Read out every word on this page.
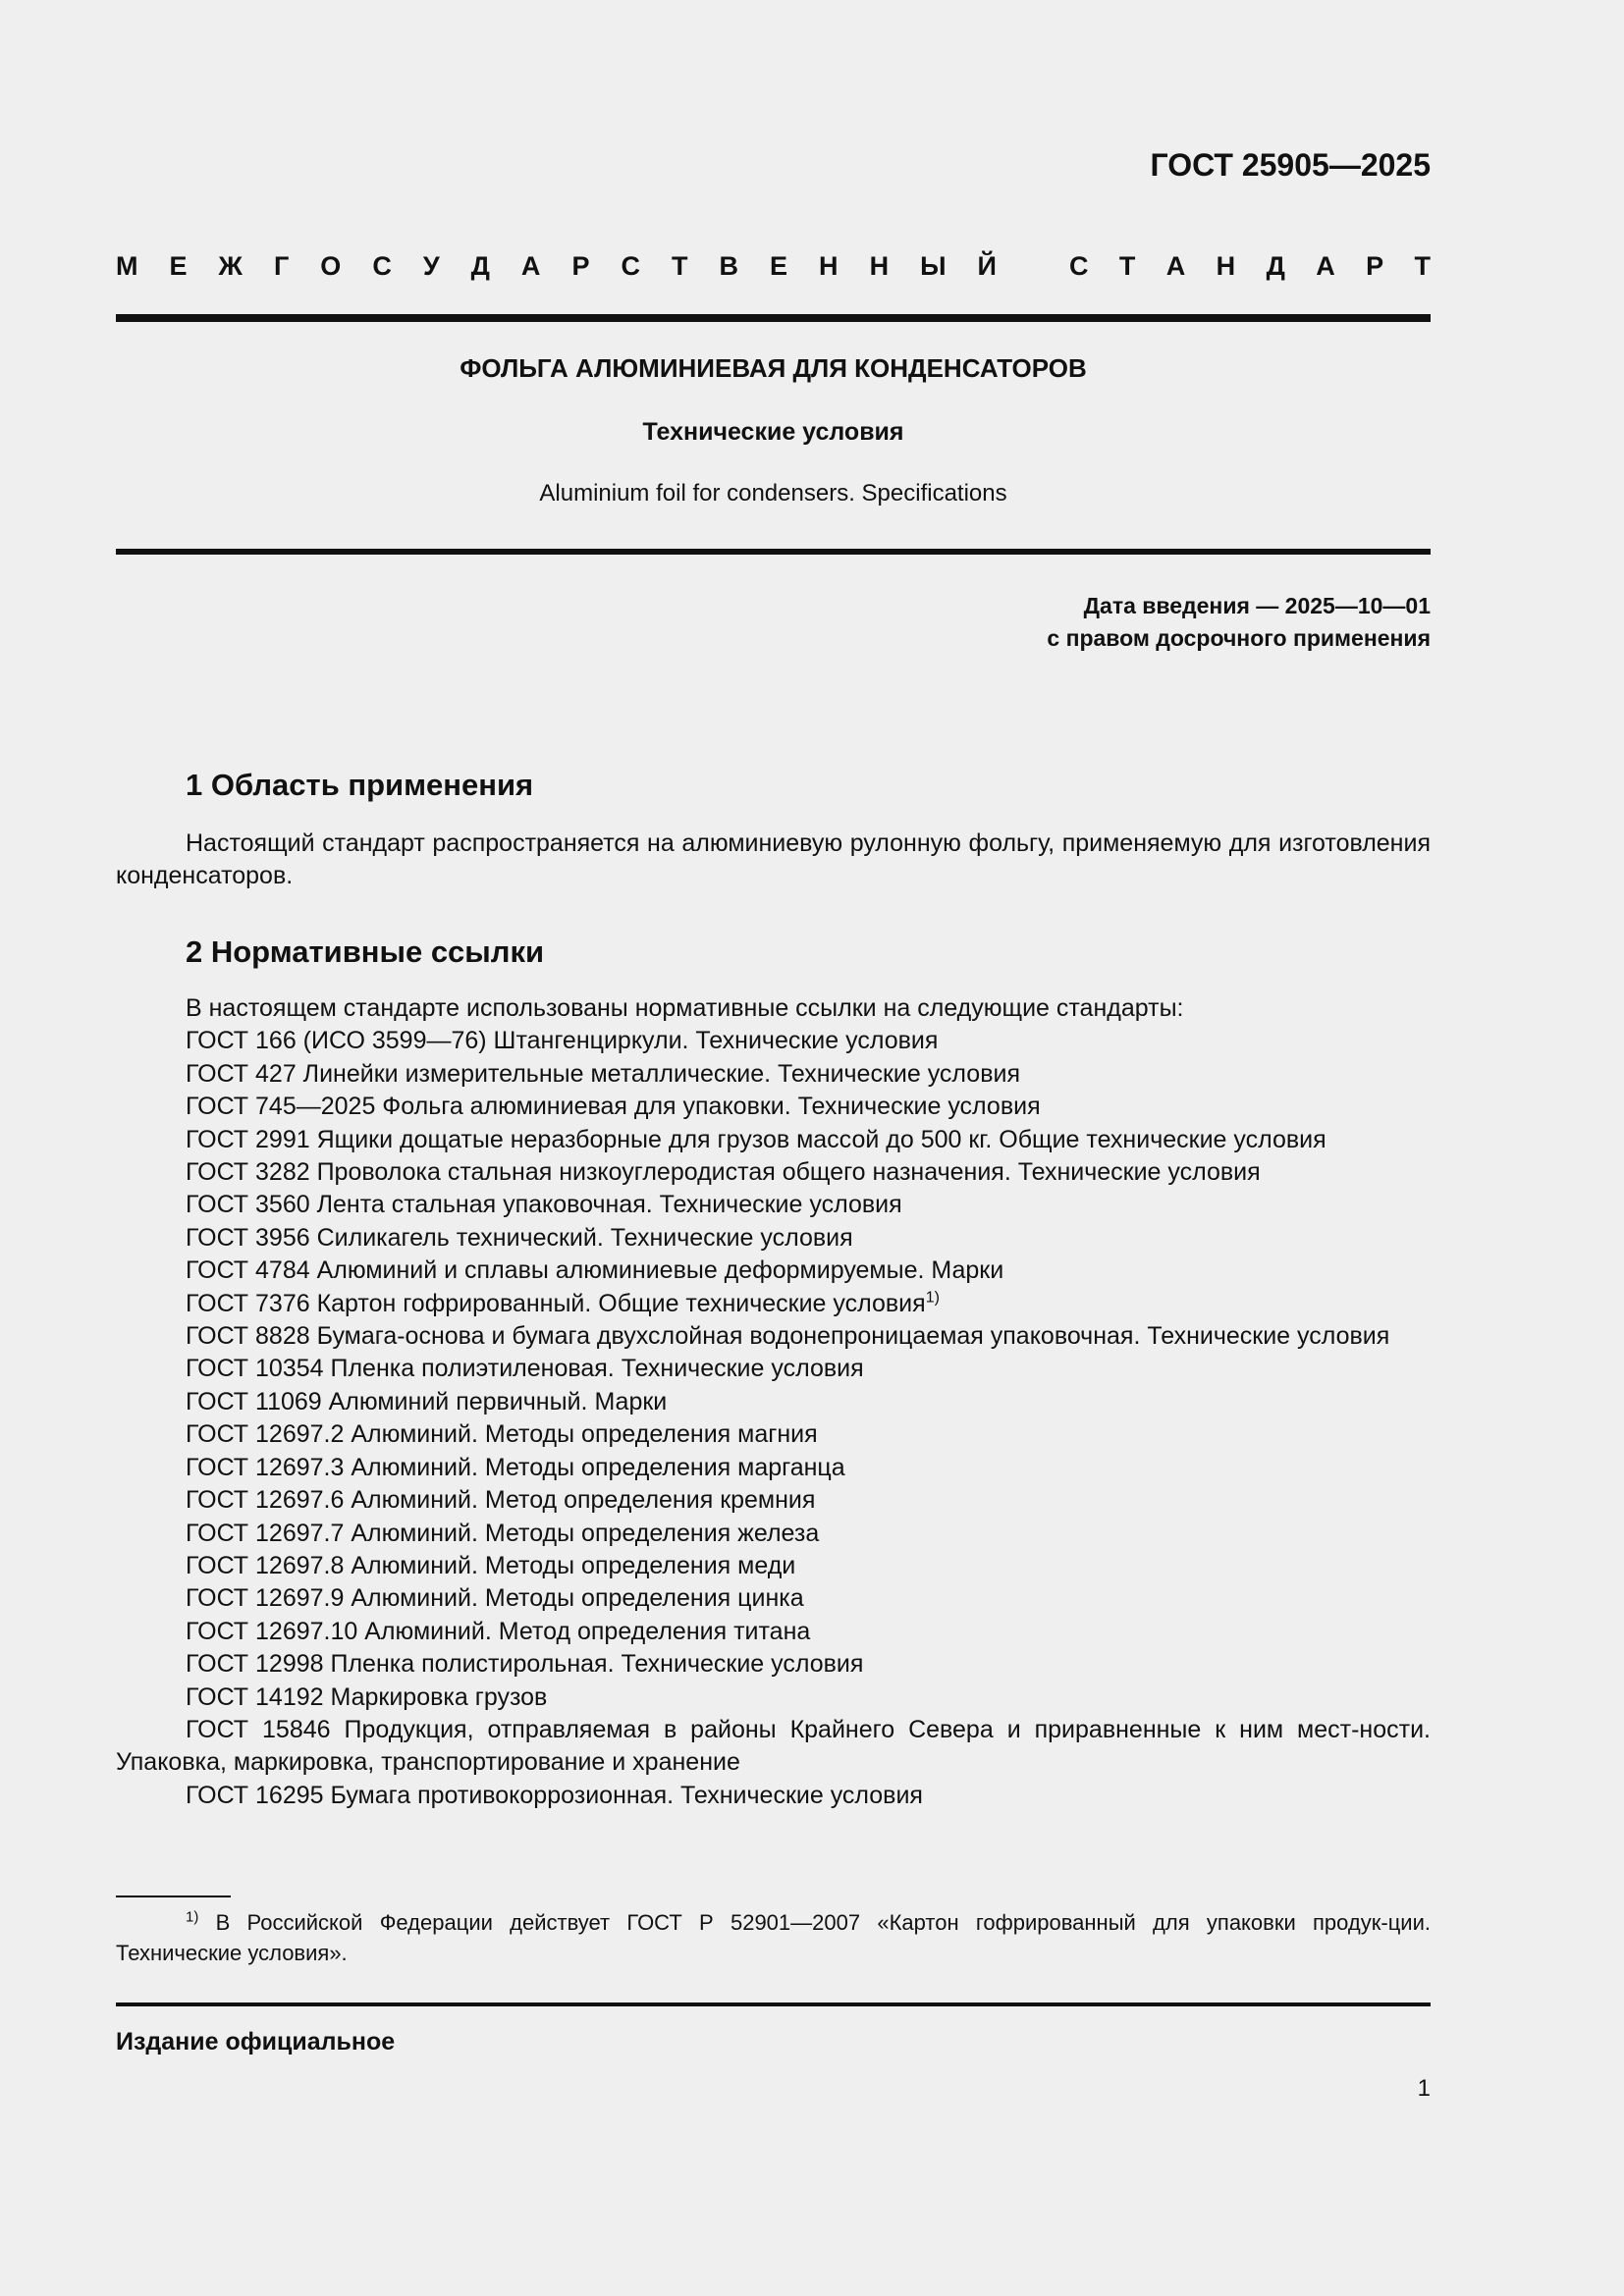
ГОСТ 25905—2025
М Е Ж Г О С У Д А Р С Т В Е Н Н Ы Й	С Т А Н Д А Р Т
ФОЛЬГА АЛЮМИНИЕВАЯ ДЛЯ КОНДЕНСАТОРОВ
Технические условия
Aluminium foil for condensers. Specifications
Дата введения — 2025—10—01
с правом досрочного применения
1 Область применения
Настоящий стандарт распространяется на алюминиевую рулонную фольгу, применяемую для изготовления конденсаторов.
2 Нормативные ссылки
В настоящем стандарте использованы нормативные ссылки на следующие стандарты:
ГОСТ 166 (ИСО 3599—76) Штангенциркули. Технические условия
ГОСТ 427 Линейки измерительные металлические. Технические условия
ГОСТ 745—2025 Фольга алюминиевая для упаковки. Технические условия
ГОСТ 2991 Ящики дощатые неразборные для грузов массой до 500 кг. Общие технические условия
ГОСТ 3282 Проволока стальная низкоуглеродистая общего назначения. Технические условия
ГОСТ 3560 Лента стальная упаковочная. Технические условия
ГОСТ 3956 Силикагель технический. Технические условия
ГОСТ 4784 Алюминий и сплавы алюминиевые деформируемые. Марки
ГОСТ 7376 Картон гофрированный. Общие технические условия$^{1)}$
ГОСТ 8828 Бумага-основа и бумага двухслойная водонепроницаемая упаковочная. Технические условия
ГОСТ 10354 Пленка полиэтиленовая. Технические условия
ГОСТ 11069 Алюминий первичный. Марки
ГОСТ 12697.2 Алюминий. Методы определения магния
ГОСТ 12697.3 Алюминий. Методы определения марганца
ГОСТ 12697.6 Алюминий. Метод определения кремния
ГОСТ 12697.7 Алюминий. Методы определения железа
ГОСТ 12697.8 Алюминий. Методы определения меди
ГОСТ 12697.9 Алюминий. Методы определения цинка
ГОСТ 12697.10 Алюминий. Метод определения титана
ГОСТ 12998 Пленка полистирольная. Технические условия
ГОСТ 14192 Маркировка грузов
ГОСТ 15846 Продукция, отправляемая в районы Крайнего Севера и приравненные к ним мест-ности. Упаковка, маркировка, транспортирование и хранение
ГОСТ 16295 Бумага противокоррозионная. Технические условия
$^{1)}$ В Российской Федерации действует ГОСТ Р 52901—2007 «Картон гофрированный для упаковки продук-ции. Технические условия».
Издание официальное
1
